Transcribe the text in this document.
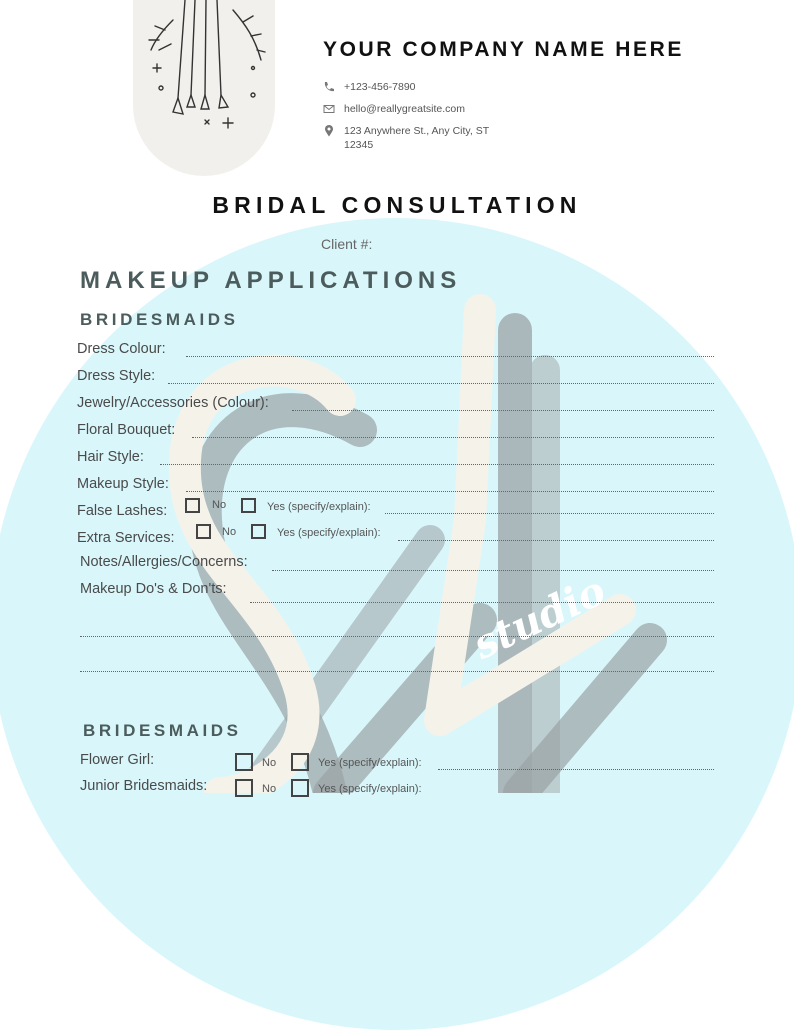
studio
YOUR COMPANY NAME HERE
+123-456-7890
hello@reallygreatsite.com
123 Anywhere St., Any City, ST 12345
BRIDAL CONSULTATION
Client #:
MAKEUP APPLICATIONS
BRIDESMAIDS
Dress Colour:
Dress Style:
Jewelry/Accessories (Colour):
Floral Bouquet:
Hair Style:
Makeup Style:
False Lashes:	No	Yes (specify/explain):
Extra Services:	No	Yes (specify/explain):
Notes/Allergies/Concerns:
Makeup Do's & Don'ts:
BRIDESMAIDS
Flower Girl:	No	Yes (specify/explain):
Junior Bridesmaids:	No	Yes (specify/explain):
